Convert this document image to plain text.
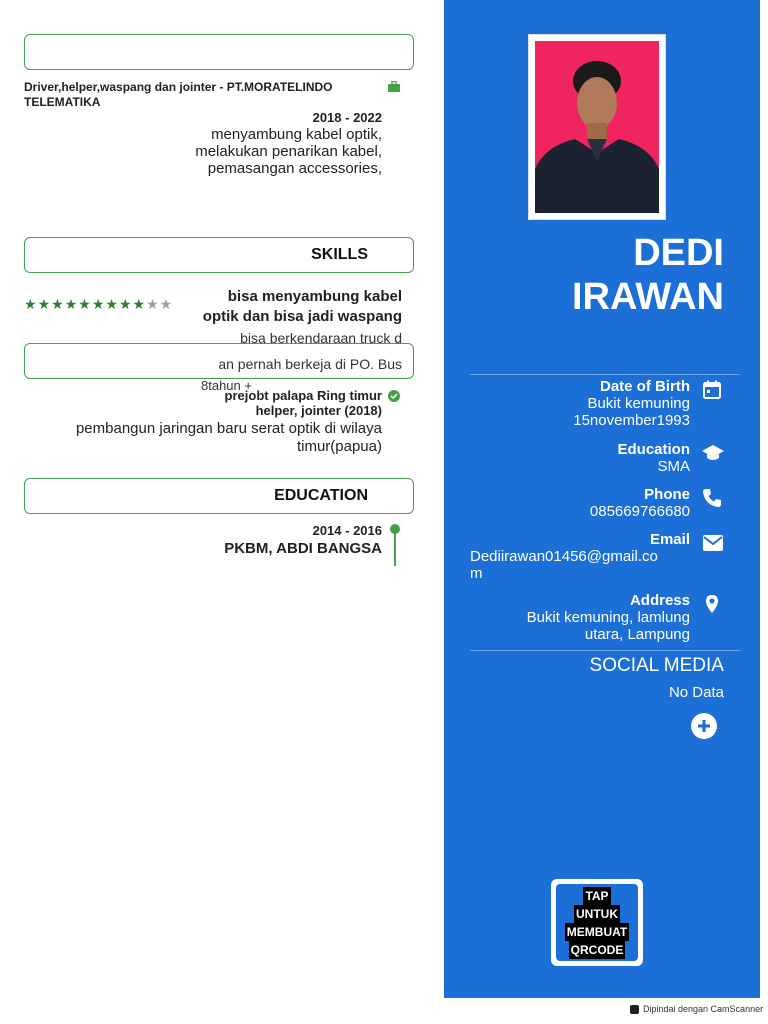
Driver,helper,waspang dan jointer - PT.MORATELINDO TELEMATIKA
2018 - 2022
menyambung kabel optik,
melakukan penarikan kabel,
pemasangan accessories,
SKILLS
★★★★★★★★★★★	bisa menyambung kabel
optik dan bisa jadi waspang
bisa berkendaraan truck d
an pernah berkeja di PO. Bus
8tahun +
prejobt palapa Ring timur
helper, jointer (2018)
pembangun jaringan baru serat optik di wilaya
timur(papua)
EDUCATION
2014 - 2016
PKBM, ABDI BANGSA
DEDI
IRAWAN
Date of Birth
Bukit kemuning
15november1993
Education
SMA
Phone
085669766680
Email
Dediirawan01456@gmail.co
m
Address
Bukit kemuning, lamlung
utara, Lampung
SOCIAL MEDIA
No Data
TAP
UNTUK
MEMBUAT
QRCODE
Dipindai dengan CamScanner
